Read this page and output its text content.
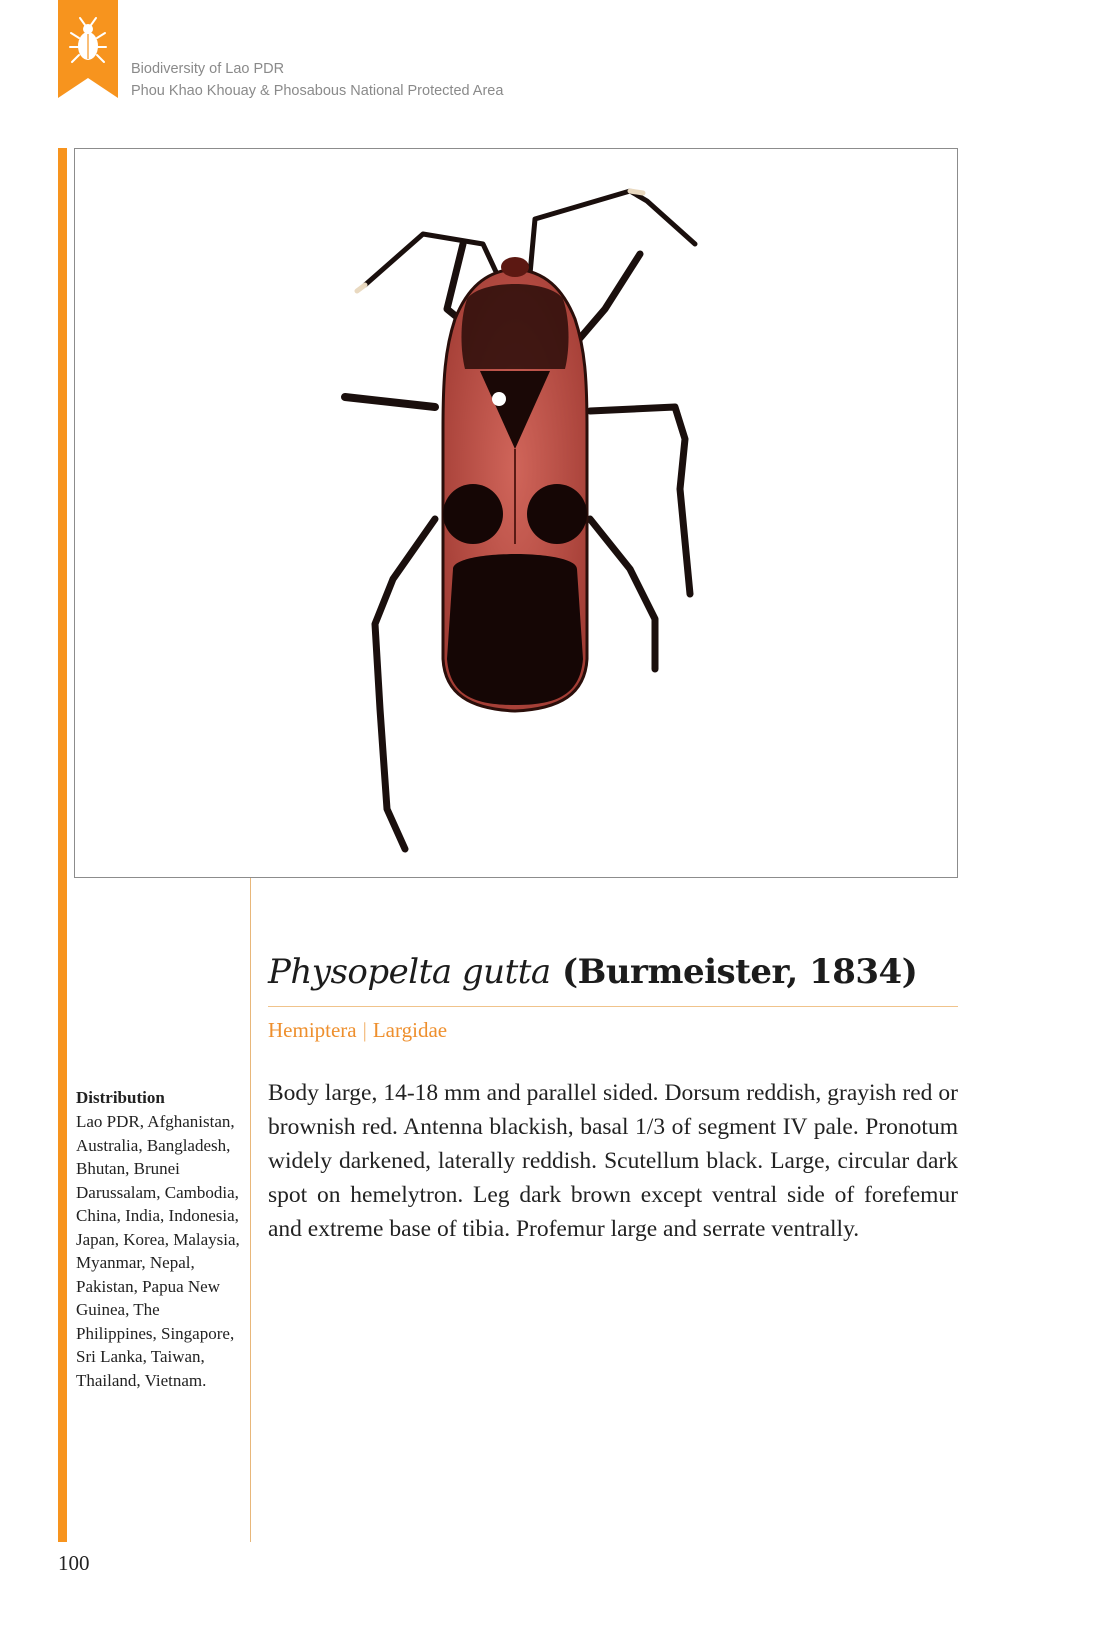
Biodiversity of Lao PDR
Phou Khao Khouay & Phosabous National Protected Area
Physopelta gutta (Burmeister, 1834)
Hemiptera | Largidae
Body large, 14-18 mm and parallel sided. Dorsum reddish, grayish red or brownish red. Antenna blackish, basal 1/3 of segment IV pale. Pronotum widely darkened, laterally reddish. Scutellum black. Large, circular dark spot on hemelytron. Leg dark brown except ventral side of forefemur and extreme base of tibia. Profemur large and serrate ventrally.
Distribution
Lao PDR, Afghanistan, Australia, Bangladesh, Bhutan, Brunei Darussalam, Cambodia, China, India, Indonesia, Japan, Korea, Malaysia, Myanmar, Nepal, Pakistan, Papua New Guinea, The Philippines, Singapore, Sri Lanka, Taiwan, Thailand, Vietnam.
100
